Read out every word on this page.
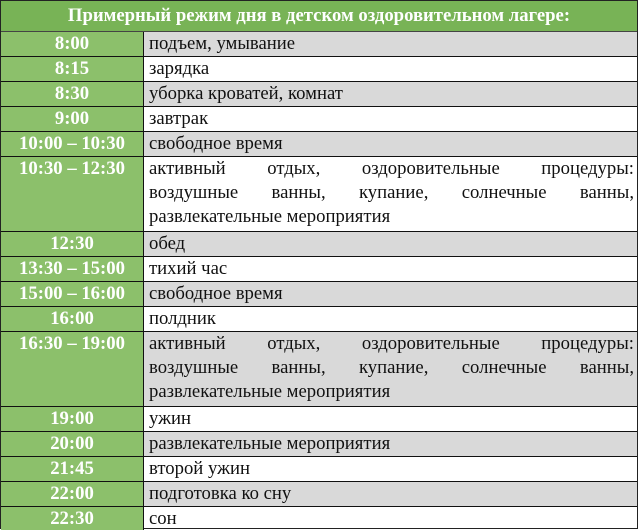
Примерный режим дня в детском оздоровительном лагере:
8:00	подъем, умывание
8:15	зарядка
8:30	уборка кроватей, комнат
9:00	завтрак
10:00 – 10:30	свободное время
10:30 – 12:30	активный отдых, оздоровительные процедуры:
воздушные ванны, купание, солнечные ванны,
развлекательные мероприятия
12:30	обед
13:30 – 15:00	тихий час
15:00 – 16:00	свободное время
16:00	полдник
16:30 – 19:00	активный отдых, оздоровительные процедуры:
воздушные ванны, купание, солнечные ванны,
развлекательные мероприятия
19:00	ужин
20:00	развлекательные мероприятия
21:45	второй ужин
22:00	подготовка ко сну
22:30	сон
